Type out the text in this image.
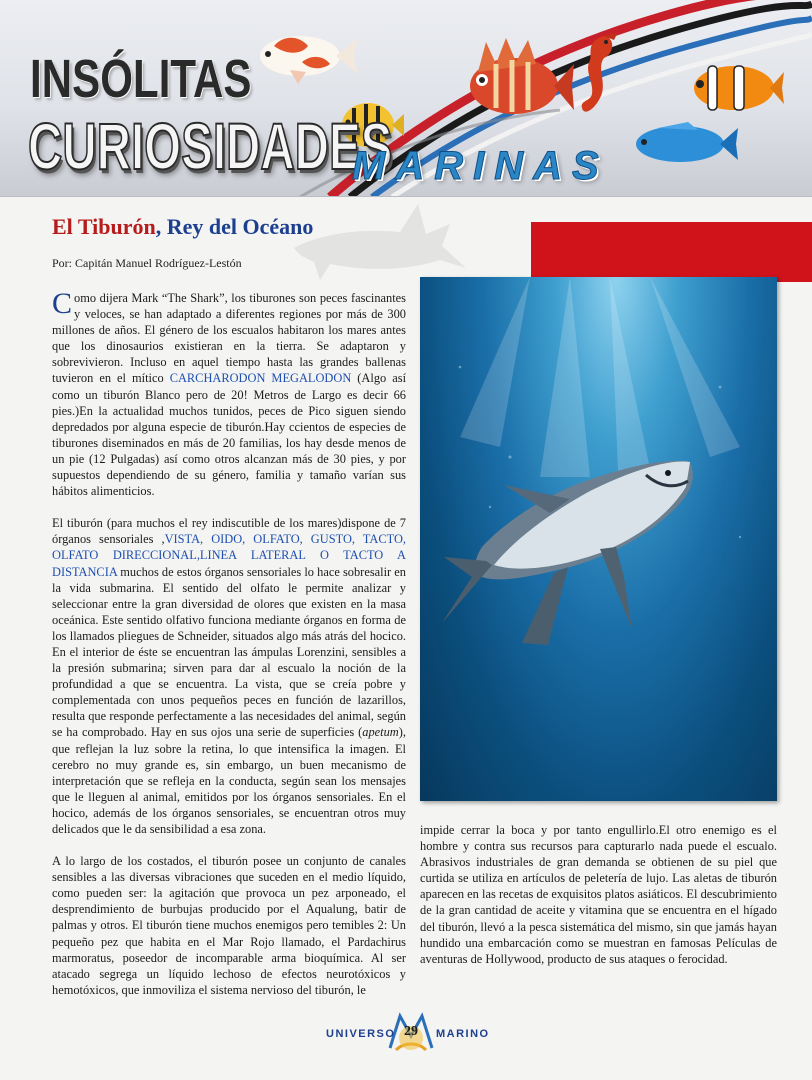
INSÓLITAS
CURIOSIDADES
MARINAS
El Tiburón, Rey del Océano
Por: Capitán Manuel Rodríguez-Lestón

Como dijera Mark “The Shark”, los tiburones son peces fascinantes y veloces, se han adaptado a diferentes regiones por más de 300 millones de años. El género de los escualos habitaron los mares antes que los dinosaurios existieran en la tierra. Se adaptaron y sobrevivieron. Incluso en aquel tiempo hasta las grandes ballenas tuvieron en el mítico CARCHARODON MEGALODON (Algo así como un tiburón Blanco pero de 20! Metros de Largo es decir 66 pies.)En la actualidad muchos tunidos, peces de Pico siguen siendo depredados por alguna especie de tiburón.Hay ccientos de especies de tiburones diseminados en más de 20 familias, los hay desde menos de un pie (12 Pulgadas) así como otros alcanzan más de 30 pies, y por supuestos dependiendo de su género, familia y tamaño varían sus hábitos alimenticios.

El tiburón (para muchos el rey indiscutible de los mares)dispone de 7 órganos sensoriales ,VISTA, OIDO, OLFATO, GUSTO, TACTO, OLFATO DIRECCIONAL,LINEA LATERAL O TACTO A DISTANCIA muchos de estos órganos sensoriales lo hace sobresalir en la vida submarina. El sentido del olfato le permite analizar y seleccionar entre la gran diversidad de olores que existen en la masa oceánica. Este sentido olfativo funciona mediante órganos en forma de los llamados pliegues de Schneider, situados algo más atrás del hocico. En el interior de éste se encuentran las ámpulas Lorenzini, sensibles a la presión submarina; sirven para dar al escualo la noción de la profundidad a que se encuentra. La vista, que se creía pobre y complementada con unos pequeños peces en función de lazarillos, resulta que responde perfectamente a las necesidades del animal, según se ha comprobado. Hay en sus ojos una serie de superficies (apetum), que reflejan la luz sobre la retina, lo que intensifica la imagen. El cerebro no muy grande es, sin embargo, un buen mecanismo de interpretación que se refleja en la conducta, según sean los mensajes que le lleguen al animal, emitidos por los órganos sensoriales. En el hocico, además de los órganos sensoriales, se encuentran otros muy delicados que le da sensibilidad a esa zona.

A lo largo de los costados, el tiburón posee un conjunto de canales sensibles a las diversas vibraciones que suceden en el medio líquido, como pueden ser: la agitación que provoca un pez arponeado, el desprendimiento de burbujas producido por el Aqualung, batir de palmas y otros. El tiburón tiene muchos enemigos pero temibles 2: Un pequeño pez que habita en el Mar Rojo llamado, el Pardachirus marmoratus, poseedor de incomparable arma bioquímica. Al ser atacado segrega un líquido lechoso de efectos neurotóxicos y hemotóxicos, que inmoviliza el sistema nervioso del tiburón, le

impide cerrar la boca y por tanto engullirlo.El otro enemigo es el hombre y contra sus recursos para capturarlo nada puede el escualo. Abrasivos industriales de gran demanda se obtienen de su piel que curtida se utiliza en artículos de peletería de lujo. Las aletas de tiburón aparecen en las recetas de exquisitos platos asiáticos. El descubrimiento de la gran cantidad de aceite y vitamina que se encuentra en el hígado del tiburón, llevó a la pesca sistemática del mismo, sin que jamás hayan hundido una embarcación como se muestran en famosas Películas de aventuras de Hollywood, producto de sus ataques o ferocidad.

UNIVERSO 29	MARINO
